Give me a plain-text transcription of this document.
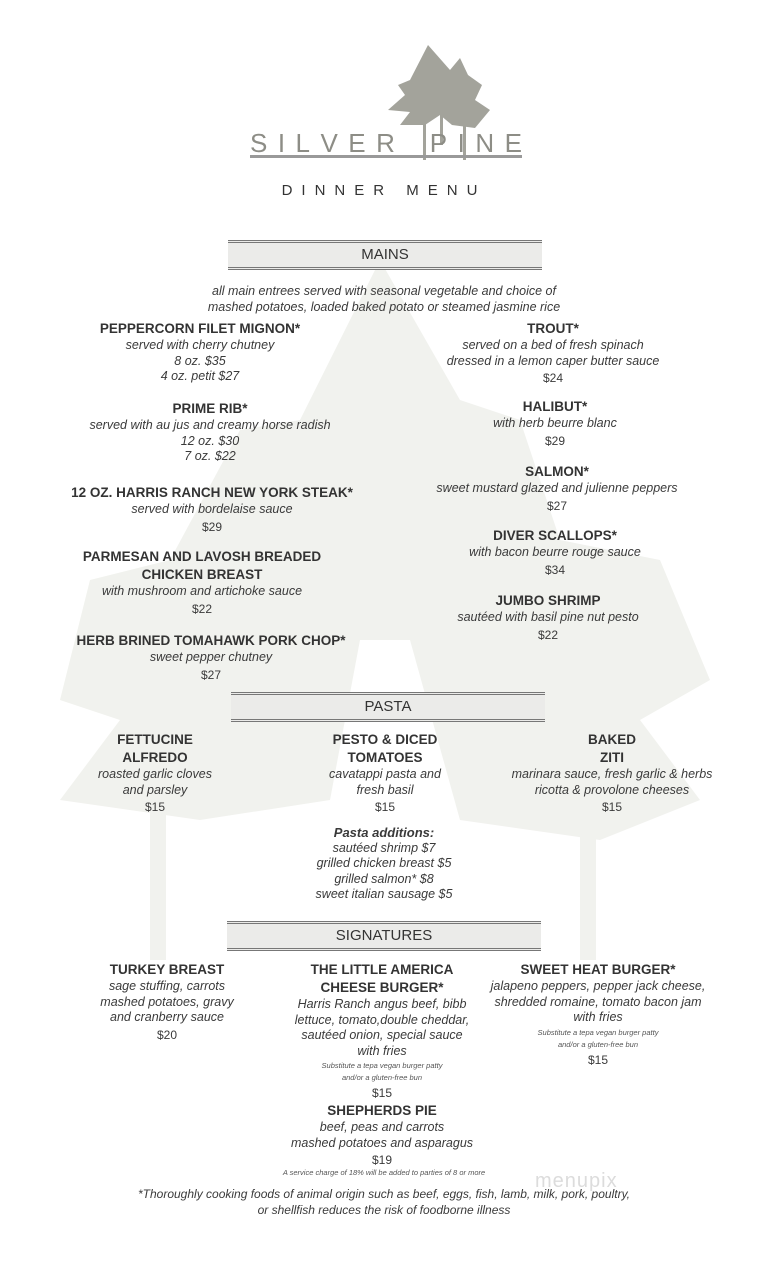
S I L V E R P I N E
DINNER MENU
MAINS
all main entrees served with seasonal vegetable and choice of
mashed potatoes, loaded baked potato or steamed jasmine rice
PASTA
SIGNATURES
PEPPERCORN FILET MIGNON*
served with cherry chutney
8 oz. $35
4 oz. petit $27
PRIME RIB*
served with au jus and creamy horse radish
12 oz. $30
7 oz. $22
12 OZ. HARRIS RANCH NEW YORK STEAK*
served with bordelaise sauce
$29
PARMESAN AND LAVOSH BREADED
CHICKEN BREAST
with mushroom and artichoke sauce
$22
HERB BRINED TOMAHAWK PORK CHOP*
sweet pepper chutney
$27
TROUT*
served on a bed of fresh spinach
dressed in a lemon caper butter sauce
$24
HALIBUT*
with herb beurre blanc
$29
SALMON*
sweet mustard glazed and julienne peppers
$27
DIVER SCALLOPS*
with bacon beurre rouge sauce
$34
JUMBO SHRIMP
sautéed with basil pine nut pesto
$22
FETTUCINE
ALFREDO
roasted garlic cloves
and parsley
$15
PESTO & DICED
TOMATOES
cavatappi pasta and
fresh basil
$15
BAKED
ZITI
marinara sauce, fresh garlic & herbs
ricotta & provolone cheeses
$15
TURKEY BREAST
sage stuffing, carrots
mashed potatoes, gravy
and cranberry sauce
$20
THE LITTLE AMERICA
CHEESE BURGER*
Harris Ranch angus beef, bibb
lettuce, tomato,double cheddar,
sautéed onion, special sauce
with fries
Substitute a tepa vegan burger patty
and/or a gluten-free bun
$15
SWEET HEAT BURGER*
jalapeno peppers, pepper jack cheese,
shredded romaine, tomato bacon jam
with fries
Substitute a tepa vegan burger patty
and/or a gluten-free bun
$15
SHEPHERDS PIE
beef, peas and carrots
mashed potatoes and asparagus
$19
Pasta additions:
sautéed shrimp $7
grilled chicken breast $5
grilled salmon* $8
sweet italian sausage $5
A service charge of 18% will be added to parties of 8 or more	menupix
*Thoroughly cooking foods of animal origin such as beef, eggs, fish, lamb, milk, pork, poultry,
or shellfish reduces the risk of foodborne illness
